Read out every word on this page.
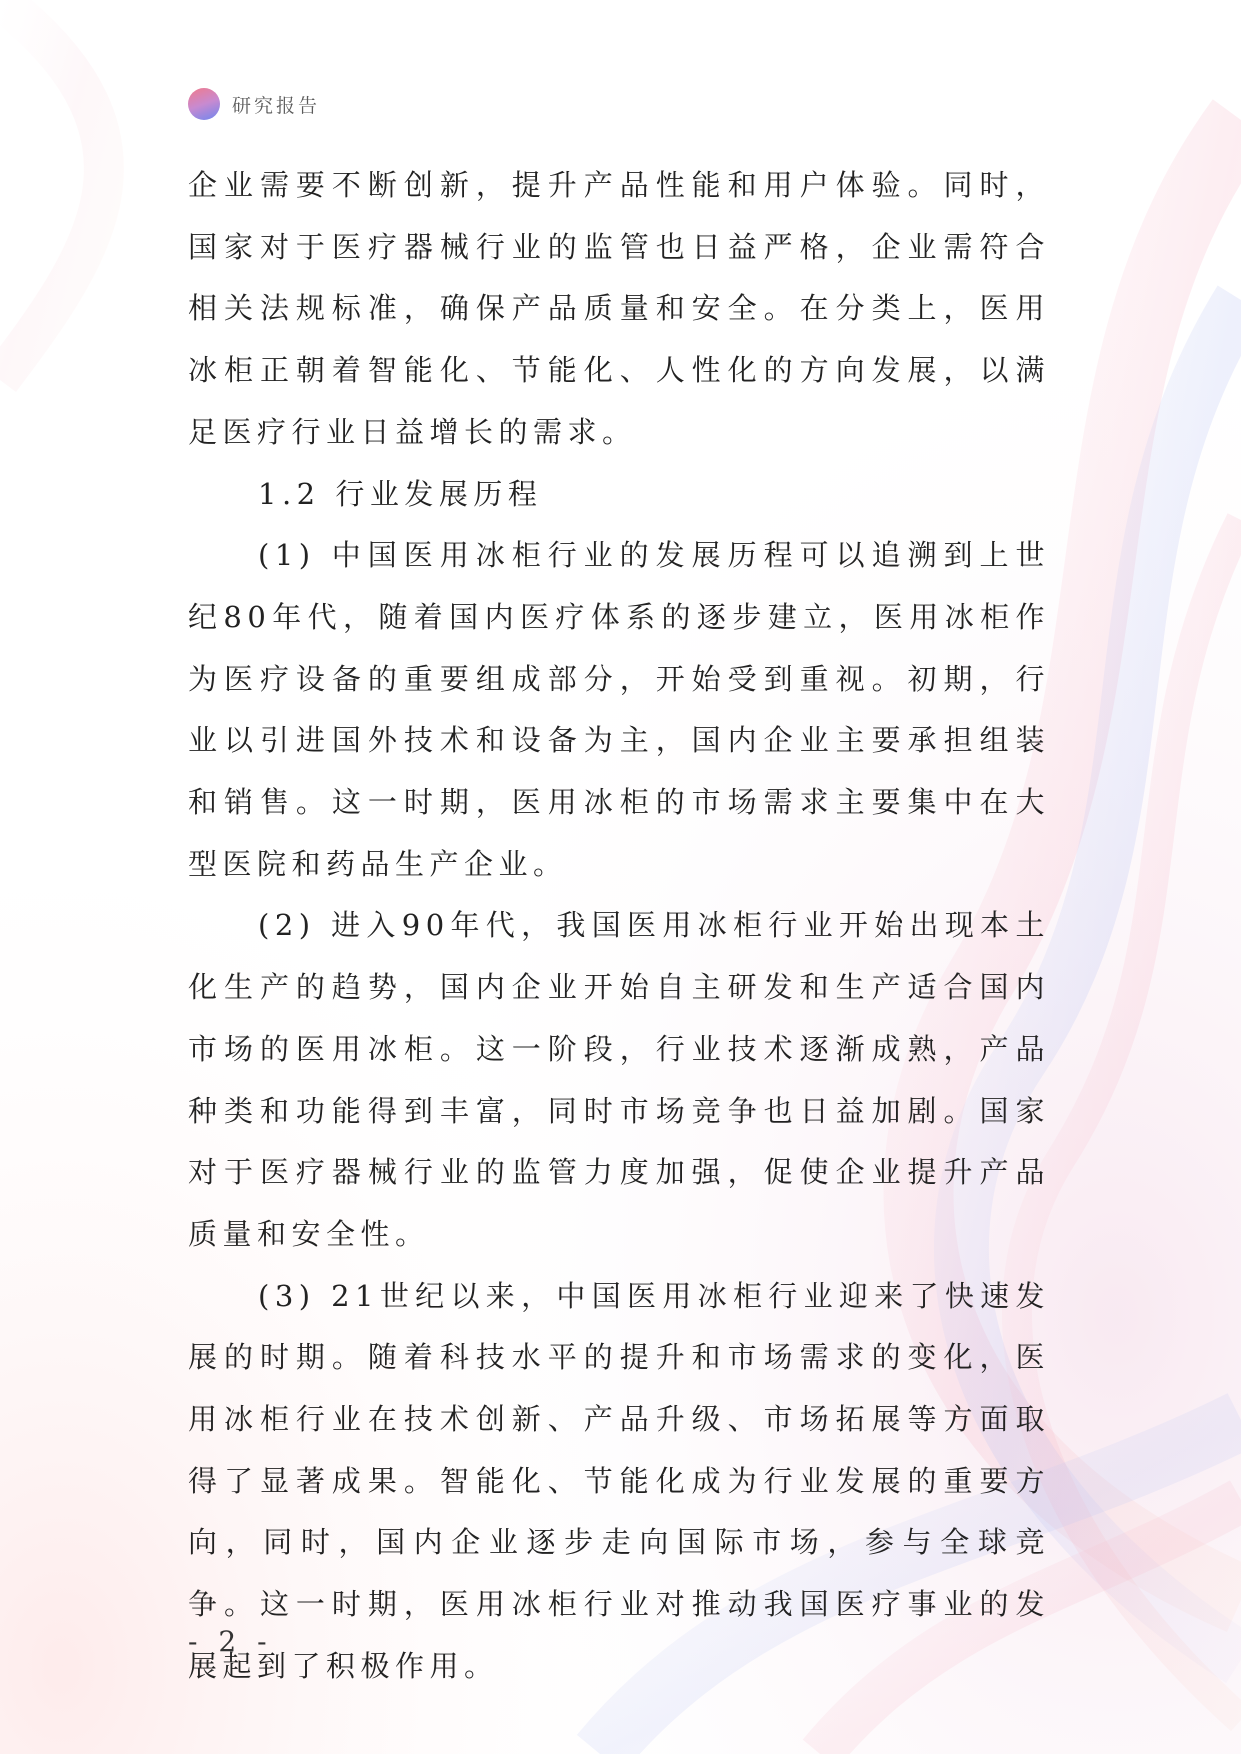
研究报告

企业需要不断创新，提升产品性能和用户体验。同时，国家对于医疗器械行业的监管也日益严格，企业需符合相关法规标准，确保产品质量和安全。在分类上，医用冰柜正朝着智能化、节能化、人性化的方向发展，以满足医疗行业日益增长的需求。

1.2 行业发展历程

(1) 中国医用冰柜行业的发展历程可以追溯到上世纪80年代，随着国内医疗体系的逐步建立，医用冰柜作为医疗设备的重要组成部分，开始受到重视。初期，行业以引进国外技术和设备为主，国内企业主要承担组装和销售。这一时期，医用冰柜的市场需求主要集中在大型医院和药品生产企业。

(2) 进入90年代，我国医用冰柜行业开始出现本土化生产的趋势，国内企业开始自主研发和生产适合国内市场的医用冰柜。这一阶段，行业技术逐渐成熟，产品种类和功能得到丰富，同时市场竞争也日益加剧。国家对于医疗器械行业的监管力度加强，促使企业提升产品质量和安全性。

(3) 21世纪以来，中国医用冰柜行业迎来了快速发展的时期。随着科技水平的提升和市场需求的变化，医用冰柜行业在技术创新、产品升级、市场拓展等方面取得了显著成果。智能化、节能化成为行业发展的重要方向，同时，国内企业逐步走向国际市场，参与全球竞争。这一时期，医用冰柜行业对推动我国医疗事业的发展起到了积极作用。

- 2 -
